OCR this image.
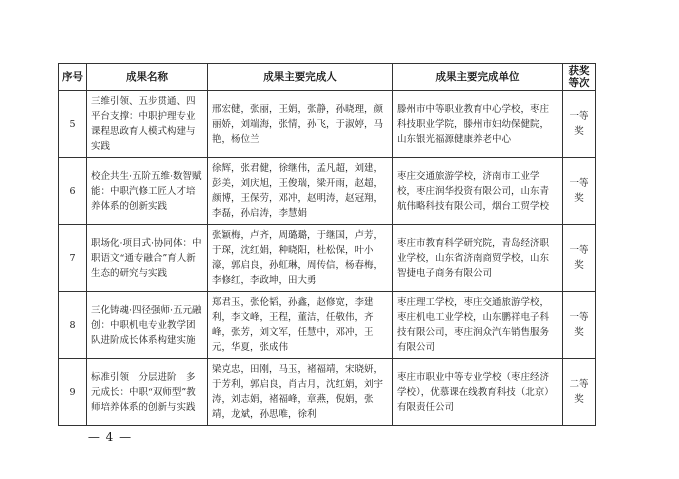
序号	成果名称	成果主要完成人	成果主要完成单位	获奖等次
5	三维引领、五步贯通、四平台支撑：中职护理专业课程思政育人模式构建与实践	邢宏健，张丽，王娟，张静，孙晓理，颜丽娇，刘端海，张情，孙飞，于淑婷，马艳，杨位兰	滕州市中等职业教育中心学校，枣庄科技职业学院，滕州市妇幼保健院，山东银光福源健康养老中心	一等奖
6	校企共生·五阶五维·数智赋能：中职汽修工匠人才培养体系的创新实践	徐辉，张君健，徐继伟，孟凡超，刘建，彭美，刘庆旭，王俊瑞，梁开雨，赵超，颜博，王保劳，邓冲，赵明涛，赵冠翔，李磊，孙启涛，李慧娟	枣庄交通旅游学校，济南市工业学校，枣庄润华投资有限公司，山东青航伟略科技有限公司，烟台工贸学校	一等奖
7	职场化·项目式·协同体：中职语文“通专融合”育人新生态的研究与实践	张颖梅，卢齐，周璐璐，于继国，卢芳，于琛，沈红娟，种晓阳，杜松保，叶小濠，郭启良，孙虹琳，周传信，杨春梅，李修红，李政坤，田大勇	枣庄市教育科学研究院，青岛经济职业学校，山东省济南商贸学校，山东智捷电子商务有限公司	一等奖
8	三化铸魂·四径强师·五元融创：中职机电专业教学团队进阶成长体系构建实施	郑君玉，张伦韬，孙鑫，赵修宽，李建利，李文峰，王程，董洁，任敬伟，齐峰，张芳，刘文军，任慧中，邓冲，王元，华夏，张成伟	枣庄理工学校，枣庄交通旅游学校，枣庄机电工业学校，山东鹏祥电子科技有限公司，枣庄润众汽车销售服务有限公司	一等奖
9	标准引领　分层进阶　多元成长：中职“双师型”教师培养体系的创新与实践	梁克忠，田刚，马玉，褚福靖，宋晓妍，于芳利，郭启良，肖古月，沈红娟，刘宇涛，刘志娟，褚福峰，章燕，倪娟，张靖，龙斌，孙思唯，徐利	枣庄市职业中等专业学校（枣庄经济学校），优慕课在线教育科技（北京）有限责任公司	二等奖
— 4 —
